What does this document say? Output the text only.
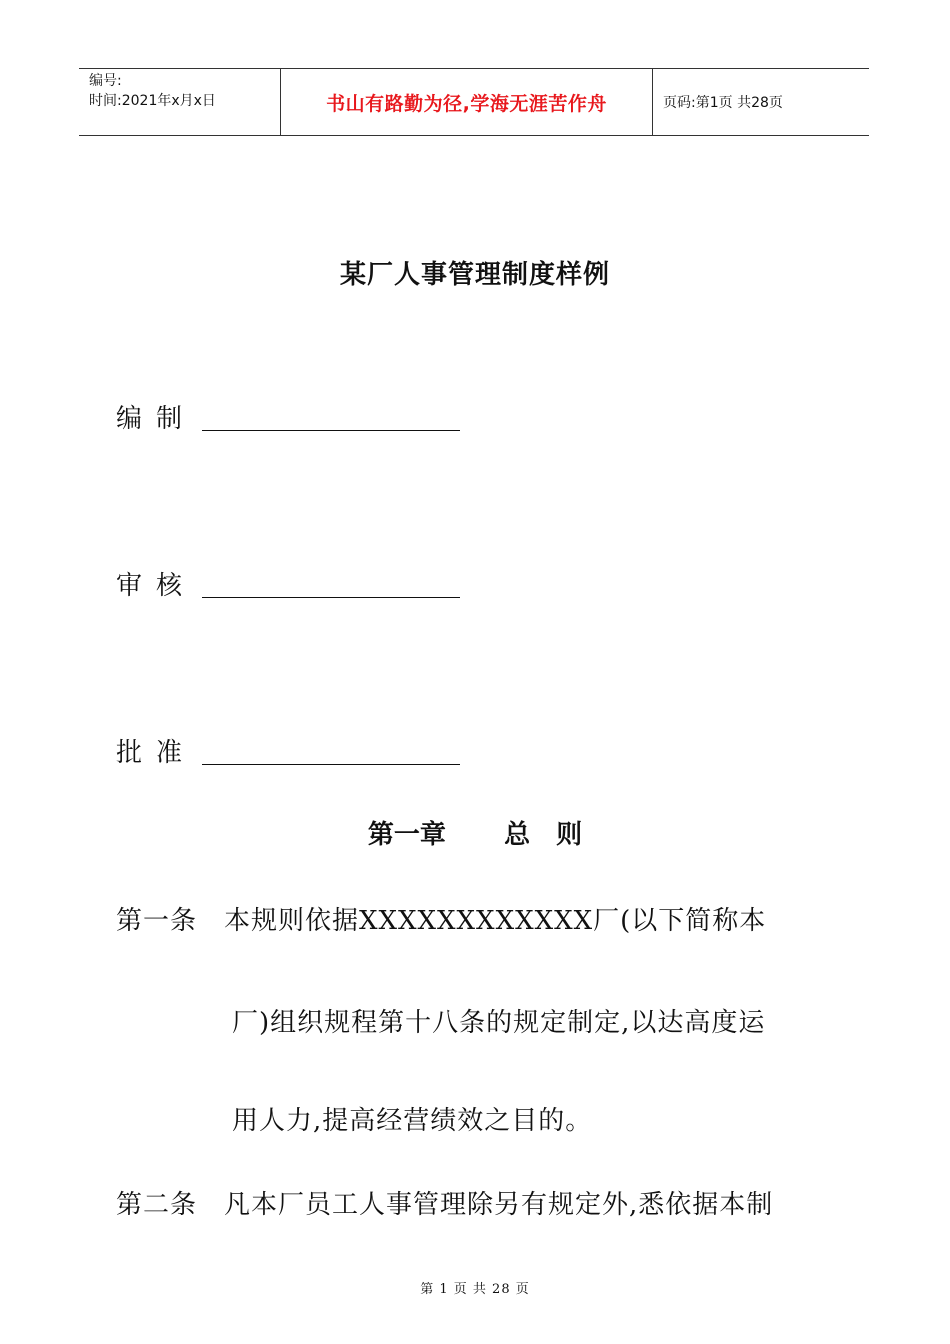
编号:
时间:2021年x月x日	书山有路勤为径,学海无涯苦作舟	页码:第1页 共28页
某厂人事管理制度样例
编制
审核
批准
第一章 总　则
第一条　本规则依据XXXXXXXXXXXX厂(以下简称本
厂)组织规程第十八条的规定制定,以达高度运
用人力,提高经营绩效之目的。
第二条　凡本厂员工人事管理除另有规定外,悉依据本制
第 1 页 共 28 页
